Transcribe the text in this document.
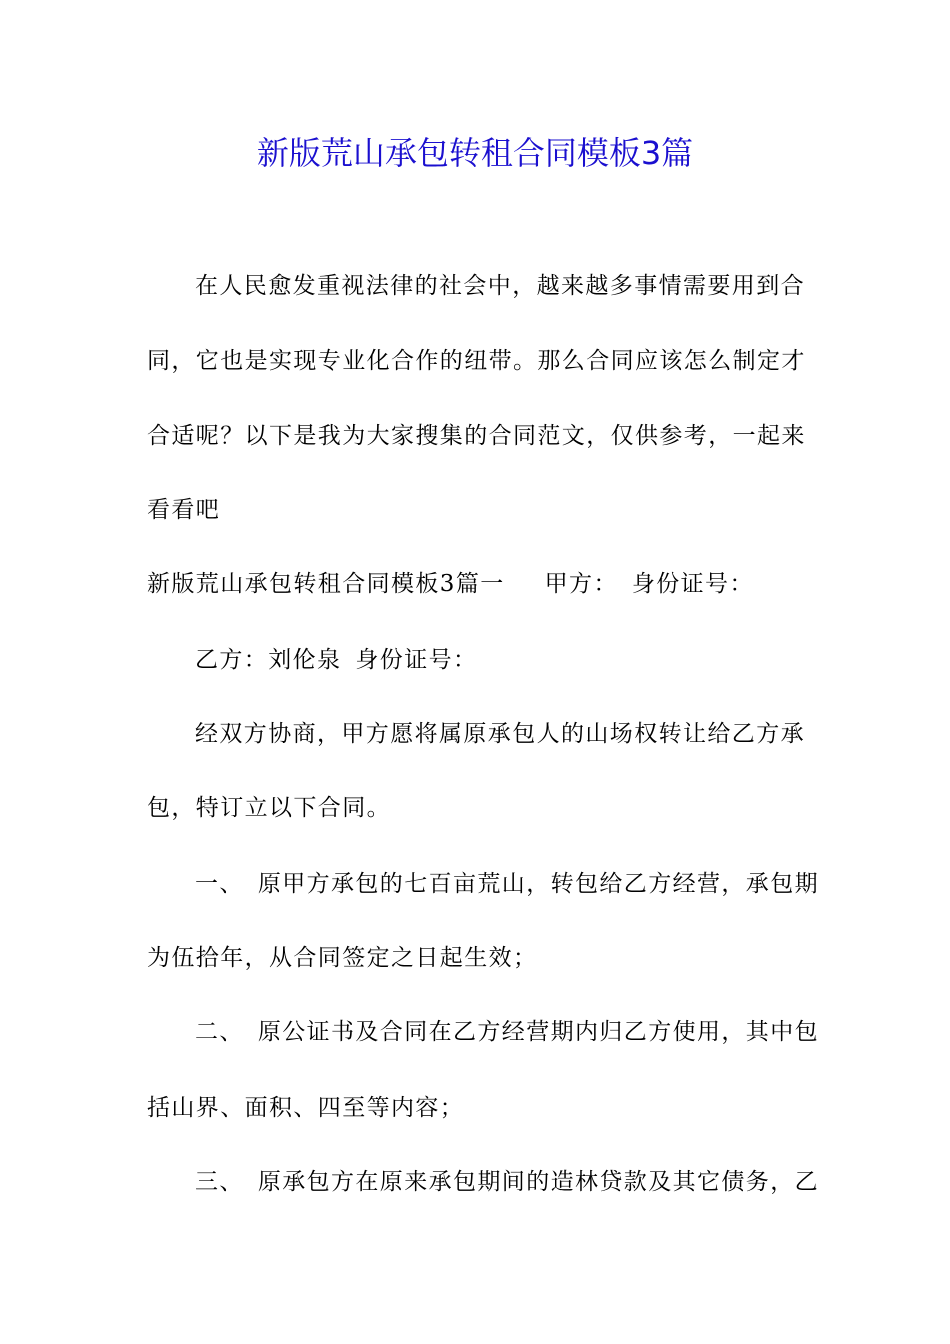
新版荒山承包转租合同模板3篇
在人民愈发重视法律的社会中，越来越多事情需要用到合
同，它也是实现专业化合作的纽带。那么合同应该怎么制定才
合适呢？以下是我为大家搜集的合同范文，仅供参考，一起来
看看吧
新版荒山承包转租合同模板3篇一 甲方： 身份证号：
乙方：刘伦泉 身份证号：
经双方协商，甲方愿将属原承包人的山场权转让给乙方承
包，特订立以下合同。
一、 原甲方承包的七百亩荒山，转包给乙方经营，承包期
为伍拾年，从合同签定之日起生效；
二、 原公证书及合同在乙方经营期内归乙方使用，其中包
括山界、面积、四至等内容；
三、 原承包方在原来承包期间的造林贷款及其它债务，乙
